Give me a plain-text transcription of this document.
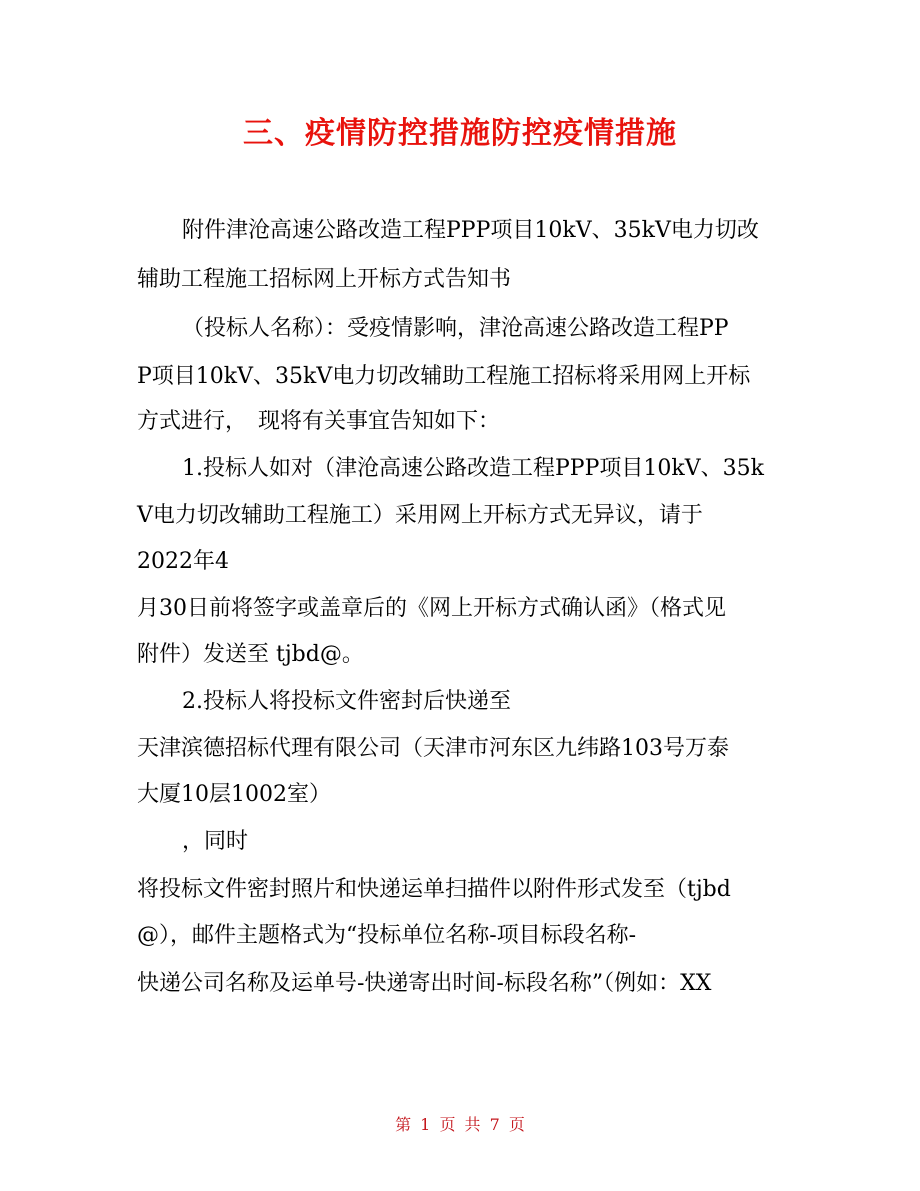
三、疫情防控措施防控疫情措施

附件津沧高速公路改造工程PPP项目10kV、35kV电力切改

辅助工程施工招标网上开标方式告知书

（投标人名称）：受疫情影响，津沧高速公路改造工程PP

P项目10kV、35kV电力切改辅助工程施工招标将采用网上开标

方式进行，　现将有关事宜告知如下：

1.投标人如对（津沧高速公路改造工程PPP项目10kV、35k

V电力切改辅助工程施工）采用网上开标方式无异议，请于

2022年4

月30日前将签字或盖章后的《网上开标方式确认函》（格式见

附件）发送至 tjbd@。

2.投标人将投标文件密封后快递至

天津滨德招标代理有限公司（天津市河东区九纬路103号万泰

大厦10层1002室）

，同时

将投标文件密封照片和快递运单扫描件以附件形式发至（tjbd

@），邮件主题格式为“投标单位名称-项目标段名称-

快递公司名称及运单号-快递寄出时间-标段名称”（例如：XX

第 1 页 共 7 页
